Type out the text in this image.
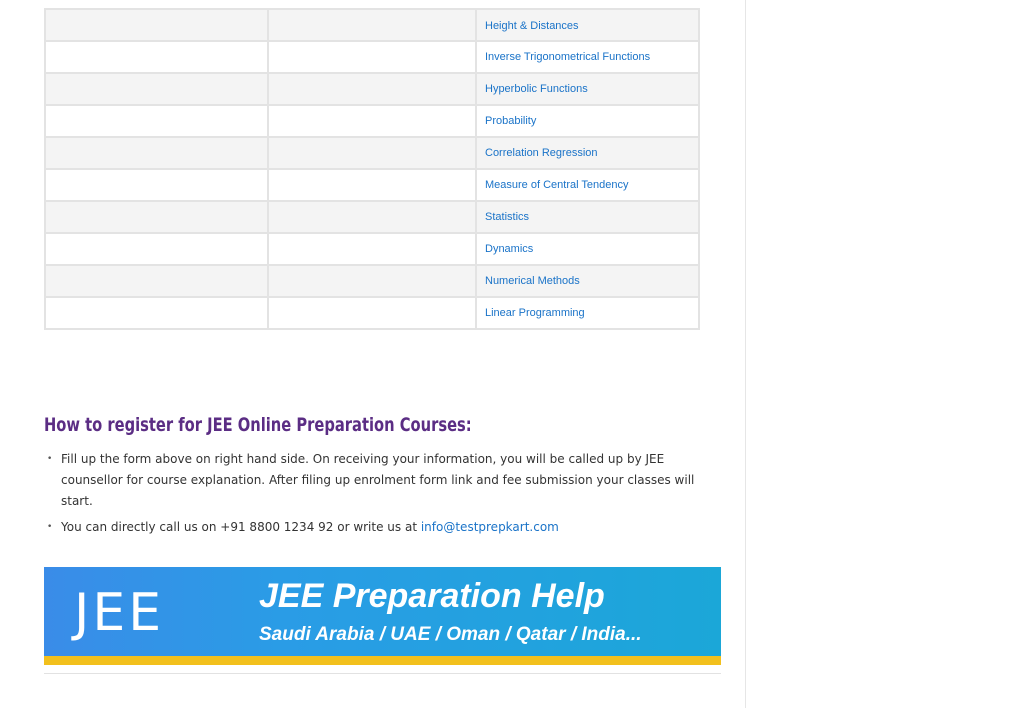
		Height & Distances
		Inverse Trigonometrical Functions
		Hyperbolic Functions
		Probability
		Correlation Regression
		Measure of Central Tendency
		Statistics
		Dynamics
		Numerical Methods
		Linear Programming
How to register for JEE Online Preparation Courses:
• Fill up the form above on right hand side. On receiving your information, you will be called up by JEE counsellor for course explanation. After filing up enrolment form link and fee submission your classes will start.
• You can directly call us on +91 8800 1234 92 or write us at info@testprepkart.com
JEE	JEE Preparation Help
Saudi Arabia / UAE / Oman / Qatar / India...
